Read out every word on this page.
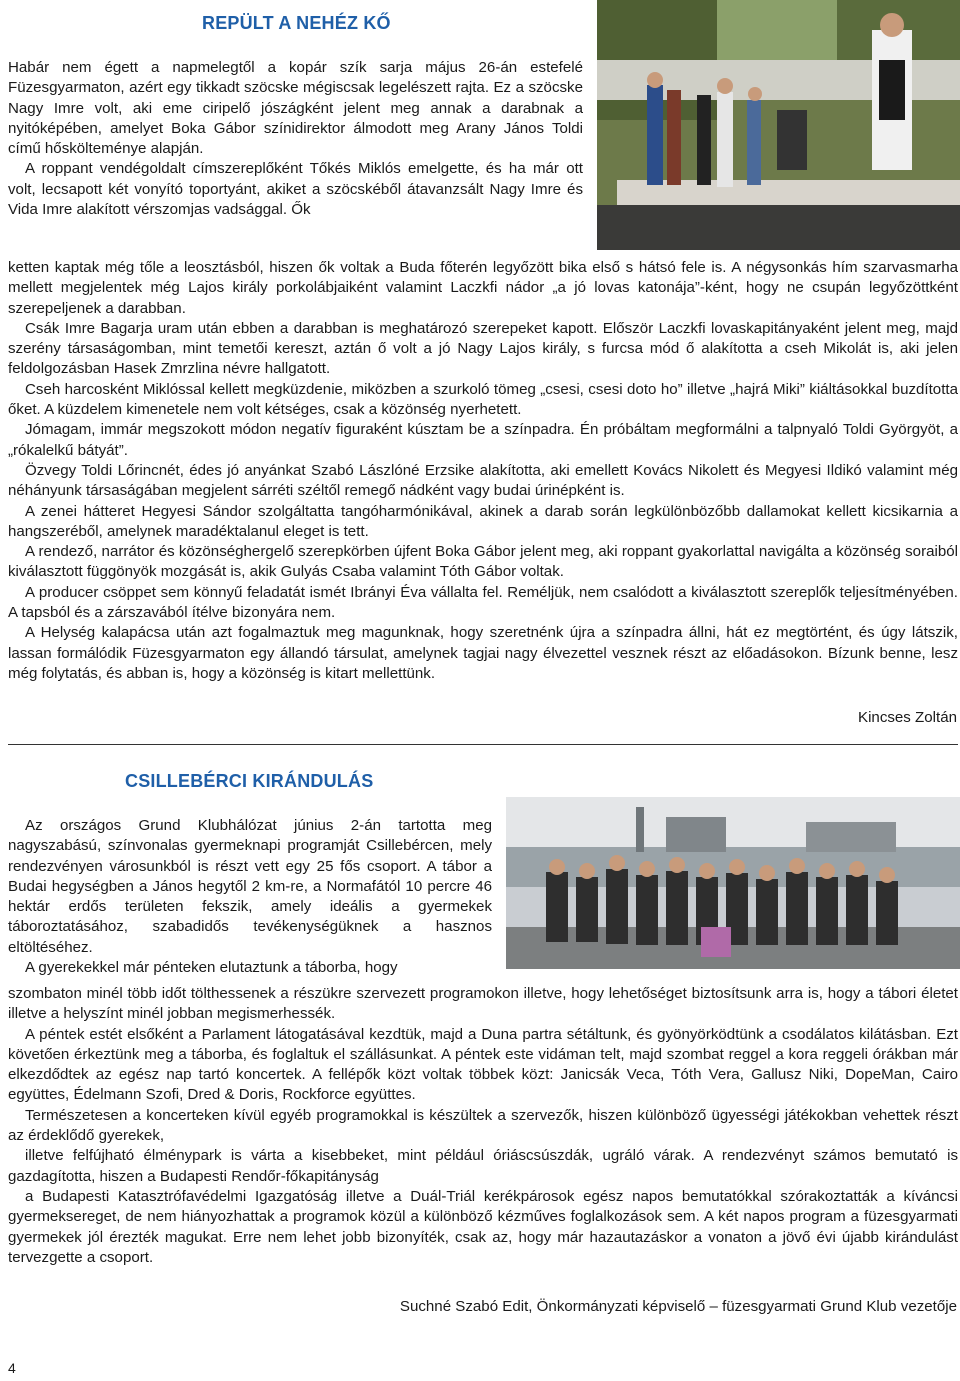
REPÜLT A NEHÉZ KŐ

Habár nem égett a napmelegtől a kopár szík sarja május 26-án estefelé Füzesgyarmaton, azért egy tikkadt szöcske mégiscsak legelészett rajta. Ez a szöcske Nagy Imre volt, aki eme ciripelő jószágként jelent meg annak a darabnak a nyitóképében, amelyet Boka Gábor színidirektor álmodott meg Arany János Toldi című hőskölteménye alapján.

A roppant vendégoldalt címszereplőként Tőkés Miklós emelgette, és ha már ott volt, lecsapott két vonyító toportyánt, akiket a szöcskéből átavanzsált Nagy Imre és Vida Imre alakított vérszomjas vadsággal. Ők

ketten kaptak még tőle a leosztásból, hiszen ők voltak a Buda főterén legyőzött bika első s hátsó fele is. A négysonkás hím szarvasmarha mellett megjelentek még Lajos király porkolábjaiként valamint Laczkfi nádor „a jó lovas katonája”-ként, hogy ne csupán legyőzöttként szerepeljenek a darabban.

Csák Imre Bagarja uram után ebben a darabban is meghatározó szerepeket kapott. Először Laczkfi lovaskapitányaként jelent meg, majd szerény társaságomban, mint temetői kereszt, aztán ő volt a jó Nagy Lajos király, s furcsa mód ő alakította a cseh Mikolát is, aki jelen feldolgozásban Hasek Zmrzlina névre hallgatott.

Cseh harcosként Miklóssal kellett megküzdenie, miközben a szurkoló tömeg „csesi, csesi doto ho” illetve „hajrá Miki” kiáltásokkal buzdította őket. A küzdelem kimenetele nem volt kétséges, csak a közönség nyerhetett.

Jómagam, immár megszokott módon negatív figuraként kúsztam be a színpadra. Én próbáltam megformálni a talpnyaló Toldi Györgyöt, a „rókalelkű bátyát”.

Özvegy Toldi Lőrincnét, édes jó anyánkat Szabó Lászlóné Erzsike alakította, aki emellett Kovács Nikolett és Megyesi Ildikó valamint még néhányunk társaságában megjelent sárréti széltől remegő nádként vagy budai úrinépként is.

A zenei hátteret Hegyesi Sándor szolgáltatta tangóharmónikával, akinek a darab során legkülönbözőbb dallamokat kellett kicsikarnia a hangszeréből, amelynek maradéktalanul eleget is tett.

A rendező, narrátor és közönséghergelő szerepkörben újfent Boka Gábor jelent meg, aki roppant gyakorlattal navigálta a közönség soraiból kiválasztott függönyök mozgását is, akik Gulyás Csaba valamint Tóth Gábor voltak.

A producer csöppet sem könnyű feladatát ismét Ibrányi Éva vállalta fel. Reméljük, nem csalódott a kiválasztott szereplők teljesítményében. A tapsból és a zárszavából ítélve bizonyára nem.

A Helység kalapácsa után azt fogalmaztuk meg magunknak, hogy szeretnénk újra a színpadra állni, hát ez megtörtént, és úgy látszik, lassan formálódik Füzesgyarmaton egy állandó társulat, amelynek tagjai nagy élvezettel vesznek részt az előadásokon. Bízunk benne, lesz még folytatás, és abban is, hogy a közönség is kitart mellettünk.

Kincses Zoltán
CSILLEBÉRCI KIRÁNDULÁS

Az országos Grund Klubhálózat június 2-án tartotta meg nagyszabású, színvonalas gyermeknapi programját Csillebércen, mely rendezvényen városunkból is részt vett egy 25 fős csoport. A tábor a Budai hegységben a János hegytől 2 km-re, a Normafától 10 percre 46 hektár erdős területen fekszik, amely ideális a gyermekek táboroztatásához, szabadidős tevékenységüknek a hasznos eltöltéséhez.

A gyerekekkel már pénteken elutaztunk a táborba, hogy

szombaton minél több időt tölthessenek a részükre szervezett programokon illetve, hogy lehetőséget biztosítsunk arra is, hogy a tábori életet illetve a helyszínt minél jobban megismerhessék.

A péntek estét elsőként a Parlament látogatásával kezdtük, majd a Duna partra sétáltunk, és gyönyörködtünk a csodálatos kilátásban. Ezt követően érkeztünk meg a táborba, és foglaltuk el szállásunkat. A péntek este vidáman telt, majd szombat reggel a kora reggeli órákban már elkezdődtek az egész nap tartó koncertek. A fellépők közt voltak többek közt: Janicsák Veca, Tóth Vera, Gallusz Niki, DopeMan, Cairo együttes, Édelmann Szofi, Dred & Doris, Rockforce együttes.

Természetesen a koncerteken kívül egyéb programokkal is készültek a szervezők, hiszen különböző ügyességi játékokban vehettek részt az érdeklődő gyerekek,

illetve felfújható élménypark is várta a kisebbeket, mint például óriáscsúszdák, ugráló várak. A rendezvényt számos bemutató is gazdagította, hiszen a Budapesti Rendőr-főkapitányság

a Budapesti Katasztrófavédelmi Igazgatóság illetve a Duál-Triál kerékpárosok egész napos bemutatókkal szórakoztatták a kíváncsi gyermeksereget, de nem hiányozhattak a programok közül a különböző kézműves foglalkozások sem. A két napos program a füzesgyarmati gyermekek jól érezték magukat. Erre nem lehet jobb bizonyíték, csak az, hogy már hazautazáskor a vonaton a jövő évi újabb kirándulást tervezgette a csoport.

Suchné Szabó Edit, Önkormányzati képviselő – füzesgyarmati Grund Klub vezetője
4
